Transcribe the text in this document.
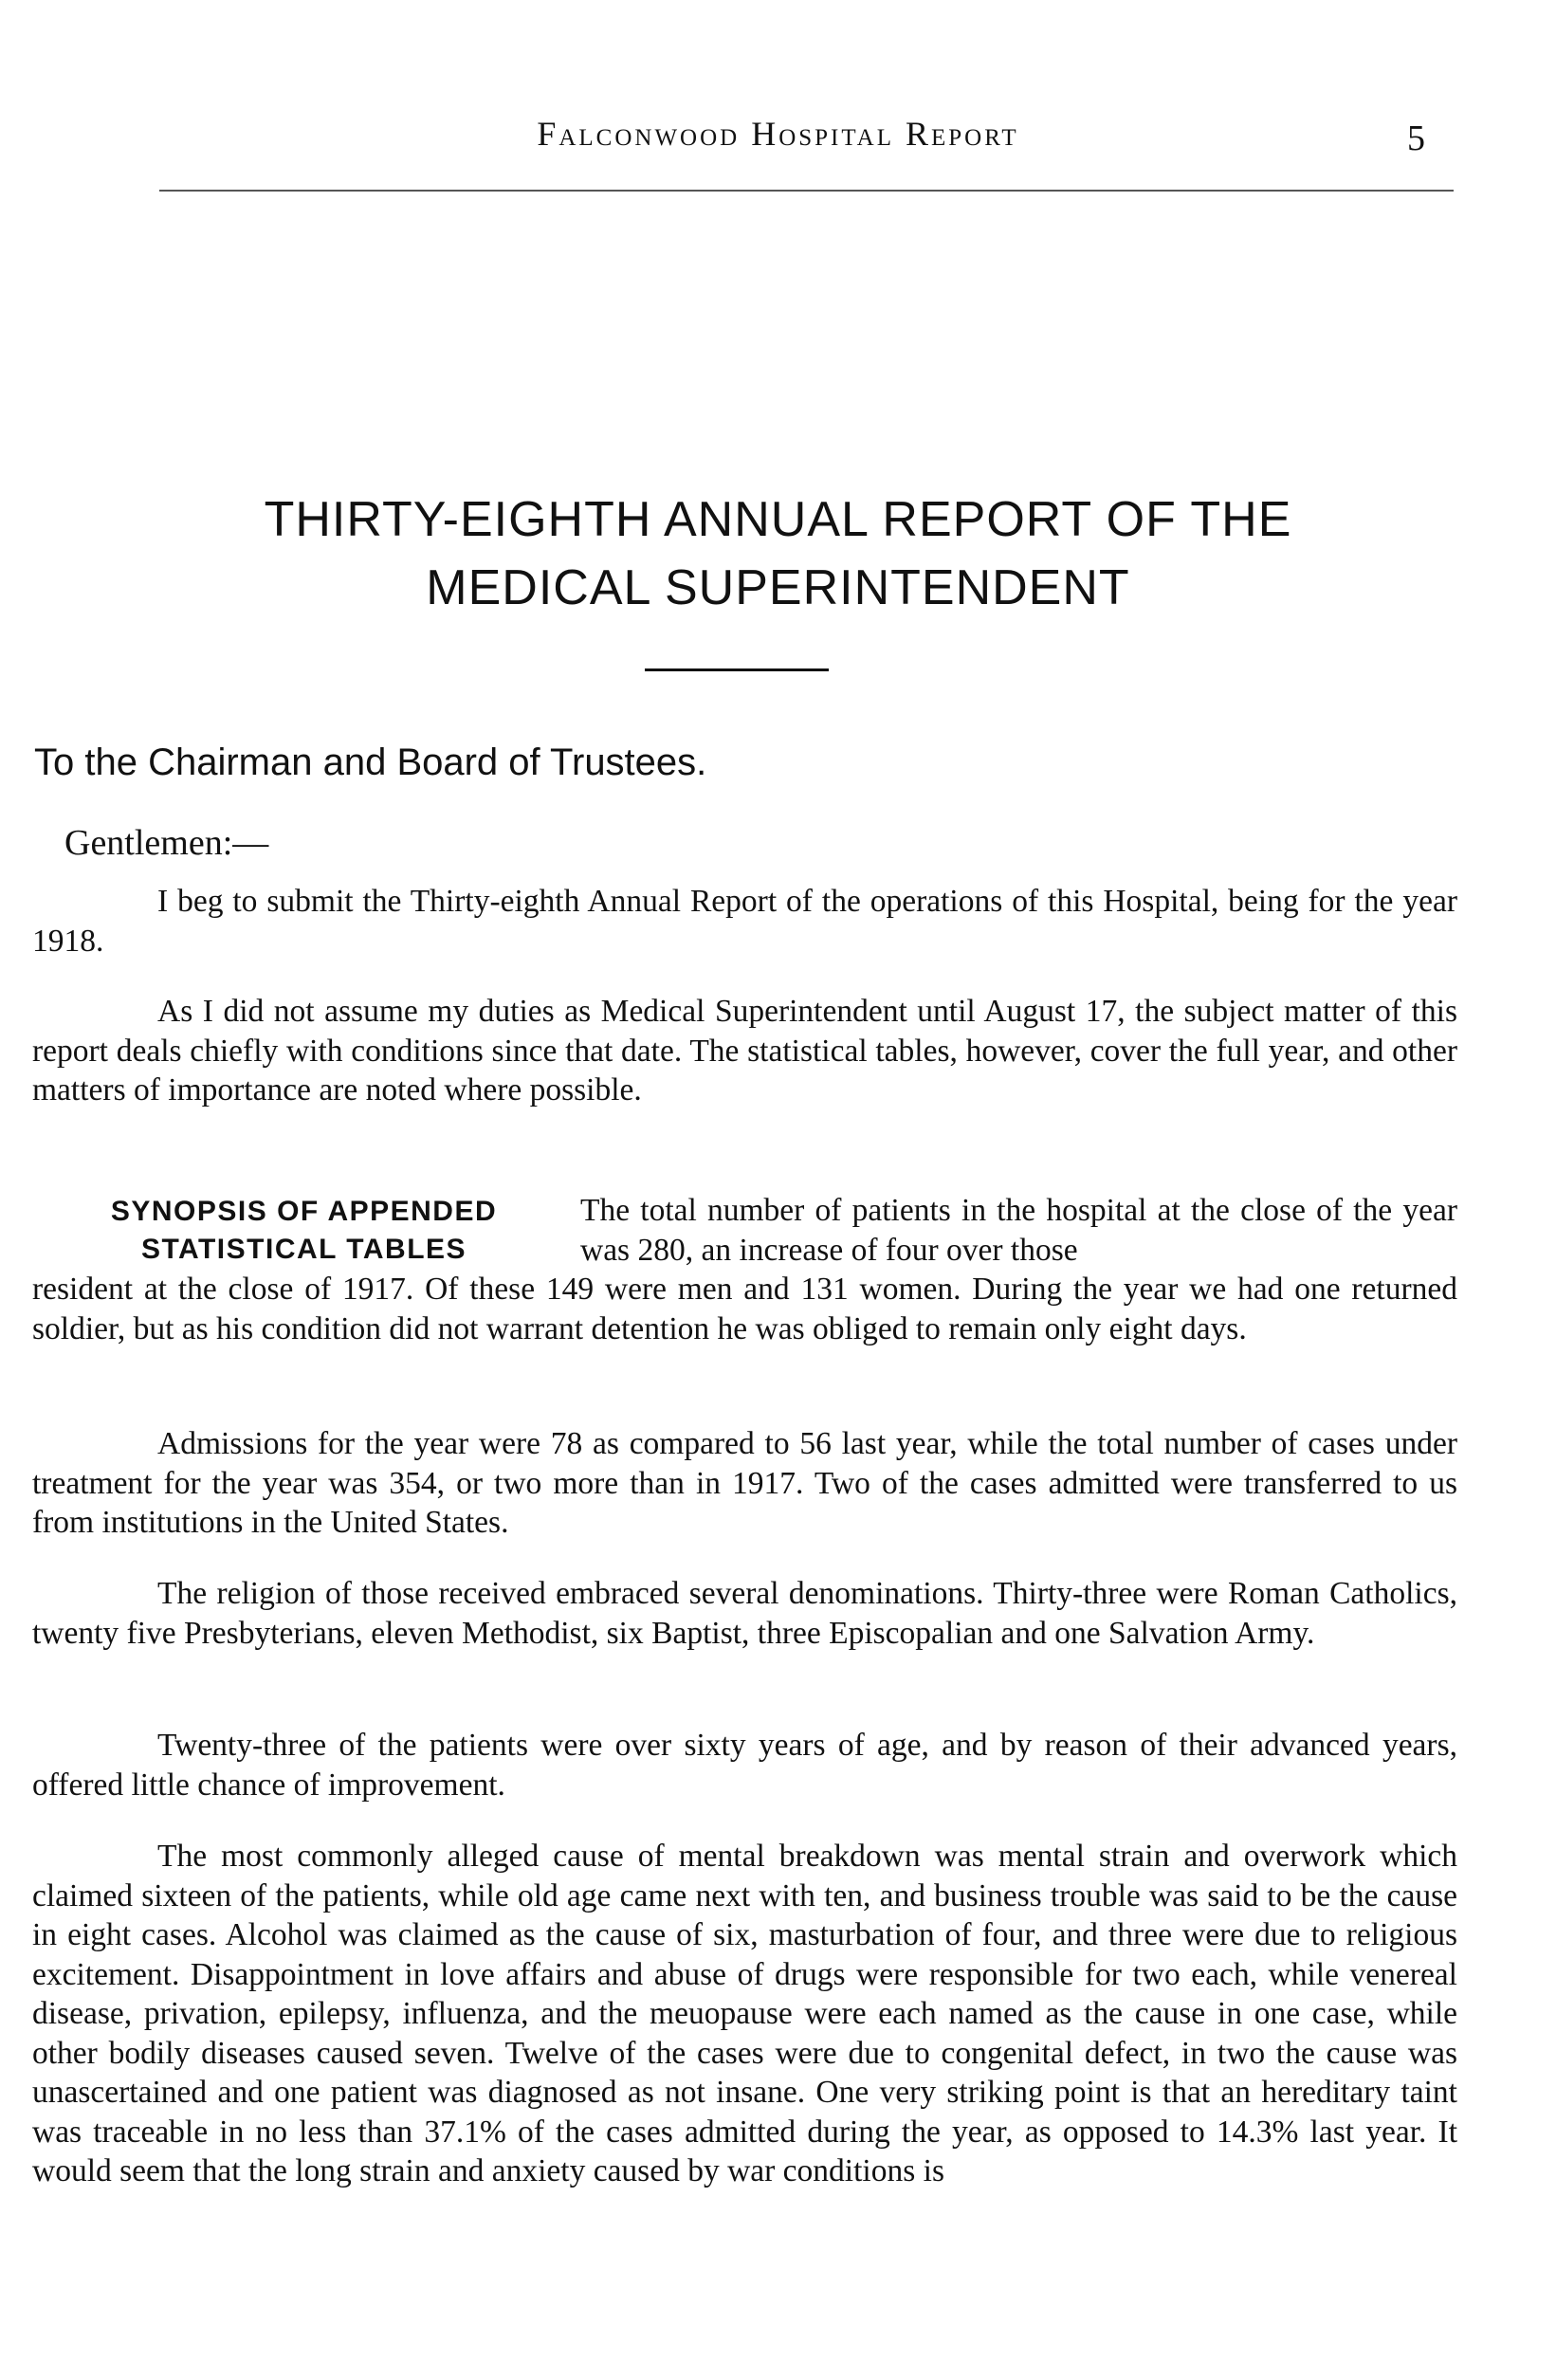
Falconwood Hospital Report	5
THIRTY-EIGHTH ANNUAL REPORT OF THE
MEDICAL SUPERINTENDENT
To the Chairman and Board of Trustees.
Gentlemen:—

I beg to submit the Thirty-eighth Annual Report of the operations of this Hospital, being for the year 1918.

As I did not assume my duties as Medical Superintendent until August 17, the subject matter of this report deals chiefly with conditions since that date. The statistical tables, however, cover the full year, and other matters of importance are noted where possible.

SYNOPSIS OF APPENDED STATISTICAL TABLES

The total number of patients in the hospital at the close of the year was 280, an increase of four over those

resident at the close of 1917. Of these 149 were men and 131 women. During the year we had one returned soldier, but as his condition did not warrant detention he was obliged to remain only eight days.

Admissions for the year were 78 as compared to 56 last year, while the total number of cases under treatment for the year was 354, or two more than in 1917. Two of the cases admitted were transferred to us from institutions in the United States.

The religion of those received embraced several denominations. Thirty-three were Roman Catholics, twenty five Presbyterians, eleven Methodist, six Baptist, three Episcopalian and one Salvation Army.

Twenty-three of the patients were over sixty years of age, and by reason of their advanced years, offered little chance of improvement.

The most commonly alleged cause of mental breakdown was mental strain and overwork which claimed sixteen of the patients, while old age came next with ten, and business trouble was said to be the cause in eight cases. Alcohol was claimed as the cause of six, masturbation of four, and three were due to religious excitement. Disappointment in love affairs and abuse of drugs were responsible for two each, while venereal disease, privation, epilepsy, influenza, and the meuopause were each named as the cause in one case, while other bodily diseases caused seven. Twelve of the cases were due to congenital defect, in two the cause was unascertained and one patient was diagnosed as not insane. One very striking point is that an hereditary taint was traceable in no less than 37.1% of the cases admitted during the year, as opposed to 14.3% last year. It would seem that the long strain and anxiety caused by war conditions is
